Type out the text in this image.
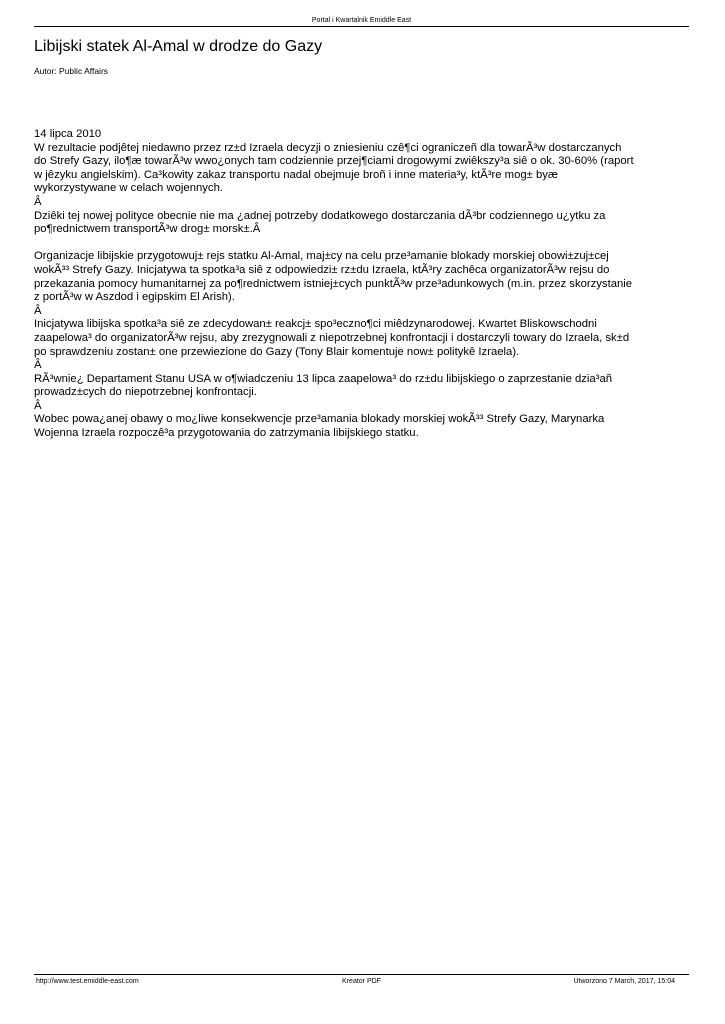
Portal i Kwartalnik Emiddle East
Libijski statek Al-Amal w drodze do Gazy
Autor: Public Affairs

14 lipca 2010

W rezultacie podjêtej niedawno przez rz±d Izraela decyzji o zniesieniu czê¶ci ograniczeñ dla towarÃ³w dostarczanych
do Strefy Gazy, ilo¶æ towarÃ³w wwo¿onych tam codziennie przej¶ciami drogowymi zwiêkszy³a siê o ok. 30-60% (raport
w jêzyku angielskim). Ca³kowity zakaz transportu nadal obejmuje broñ i inne materia³y, ktÃ³re mog± byæ
wykorzystywane w celach wojennych.
Â

Dziêki tej nowej polityce obecnie nie ma ¿adnej potrzeby dodatkowego dostarczania dÃ³br codziennego u¿ytku za
po¶rednictwem transportÃ³w drog± morsk±.Â

Organizacje libijskie przygotowuj± rejs statku Al-Amal, maj±cy na celu prze³amanie blokady morskiej obowi±zuj±cej
wokÃ³³ Strefy Gazy. Inicjatywa ta spotka³a siê z odpowiedzi± rz±du Izraela, ktÃ³ry zachêca organizatorÃ³w rejsu do
przekazania pomocy humanitarnej za po¶rednictwem istniej±cych punktÃ³w prze³adunkowych (m.in. przez skorzystanie
z portÃ³w w Aszdod i egipskim El Arish).
Â

Inicjatywa libijska spotka³a siê ze zdecydowan± reakcj± spo³eczno¶ci miêdzynarodowej. Kwartet Bliskowschodni
zaapelowa³ do organizatorÃ³w rejsu, aby zrezygnowali z niepotrzebnej konfrontacji i dostarczyli towary do Izraela, sk±d
po sprawdzeniu zostan± one przewiezione do Gazy (Tony Blair komentuje now± politykê Izraela).
Â

RÃ³wnie¿ Departament Stanu USA w o¶wiadczeniu 13 lipca zaapelowa³ do rz±du libijskiego o zaprzestanie dzia³añ
prowadz±cych do niepotrzebnej konfrontacji.
Â

Wobec powa¿anej obawy o mo¿liwe konsekwencje prze³amania blokady morskiej wokÃ³³ Strefy Gazy, Marynarka
Wojenna Izraela rozpoczê³a przygotowania do zatrzymania libijskiego statku.

http://www.test.emiddle-east.com	Kreator PDF	Utworzono 7 March, 2017, 15:04
